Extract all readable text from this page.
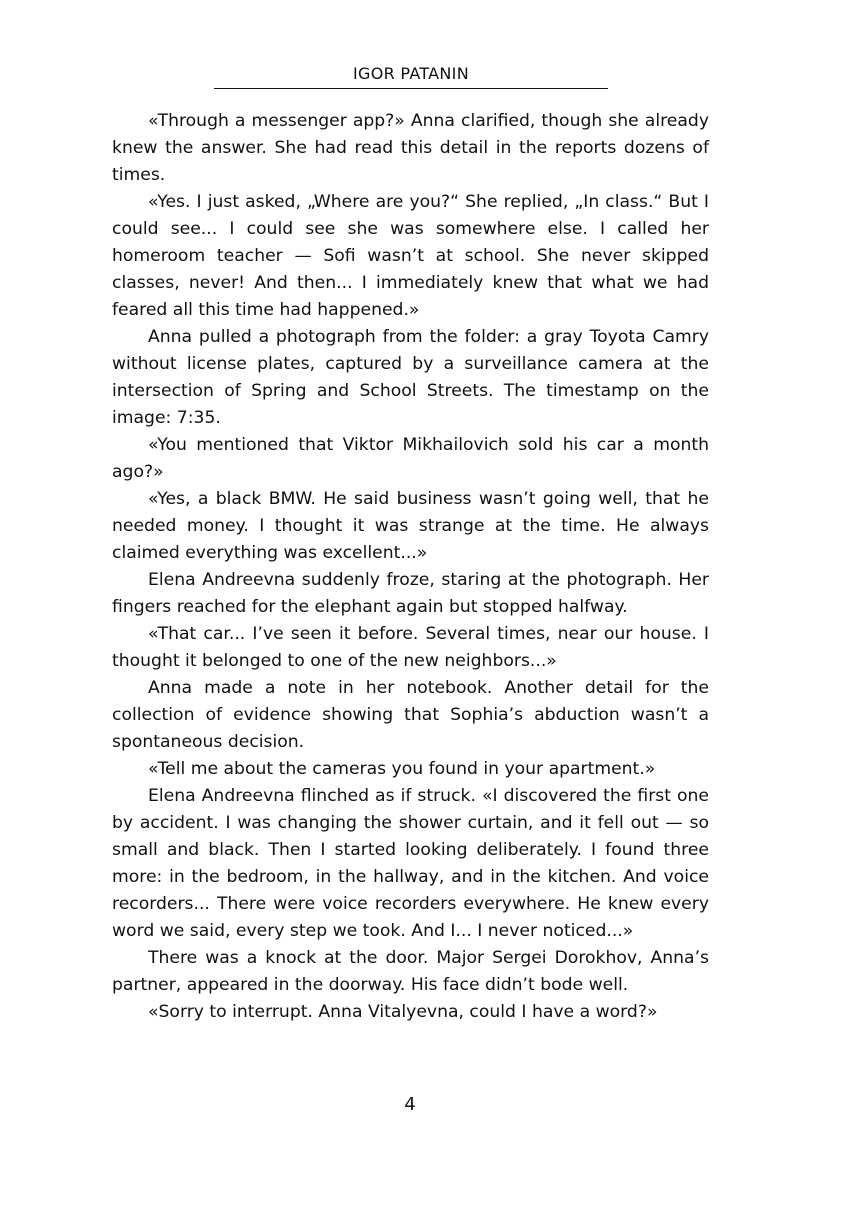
IGOR PATANIN

«Through a messenger app?» Anna clarified, though she already knew the answer. She had read this detail in the reports dozens of times.

«Yes. I just asked, „Where are you?“ She replied, „In class.“ But I could see... I could see she was somewhere else. I called her homeroom teacher — Sofi wasn’t at school. She never skipped classes, never! And then... I immediately knew that what we had feared all this time had happened.»

Anna pulled a photograph from the folder: a gray Toyota Camry without license plates, captured by a surveillance camera at the intersection of Spring and School Streets. The timestamp on the image: 7:35.

«You mentioned that Viktor Mikhailovich sold his car a month ago?»

«Yes, a black BMW. He said business wasn’t going well, that he needed money. I thought it was strange at the time. He always claimed everything was excellent...»

Elena Andreevna suddenly froze, staring at the photograph. Her fingers reached for the elephant again but stopped halfway.

«That car... I’ve seen it before. Several times, near our house. I thought it belonged to one of the new neighbors...»

Anna made a note in her notebook. Another detail for the collection of evidence showing that Sophia’s abduction wasn’t a spontaneous decision.

«Tell me about the cameras you found in your apartment.»

Elena Andreevna flinched as if struck. «I discovered the first one by accident. I was changing the shower curtain, and it fell out — so small and black. Then I started looking deliberately. I found three more: in the bedroom, in the hallway, and in the kitchen. And voice recorders... There were voice recorders everywhere. He knew every word we said, every step we took. And I... I never noticed...»

There was a knock at the door. Major Sergei Dorokhov, Anna’s partner, appeared in the doorway. His face didn’t bode well.

«Sorry to interrupt. Anna Vitalyevna, could I have a word?»

4
